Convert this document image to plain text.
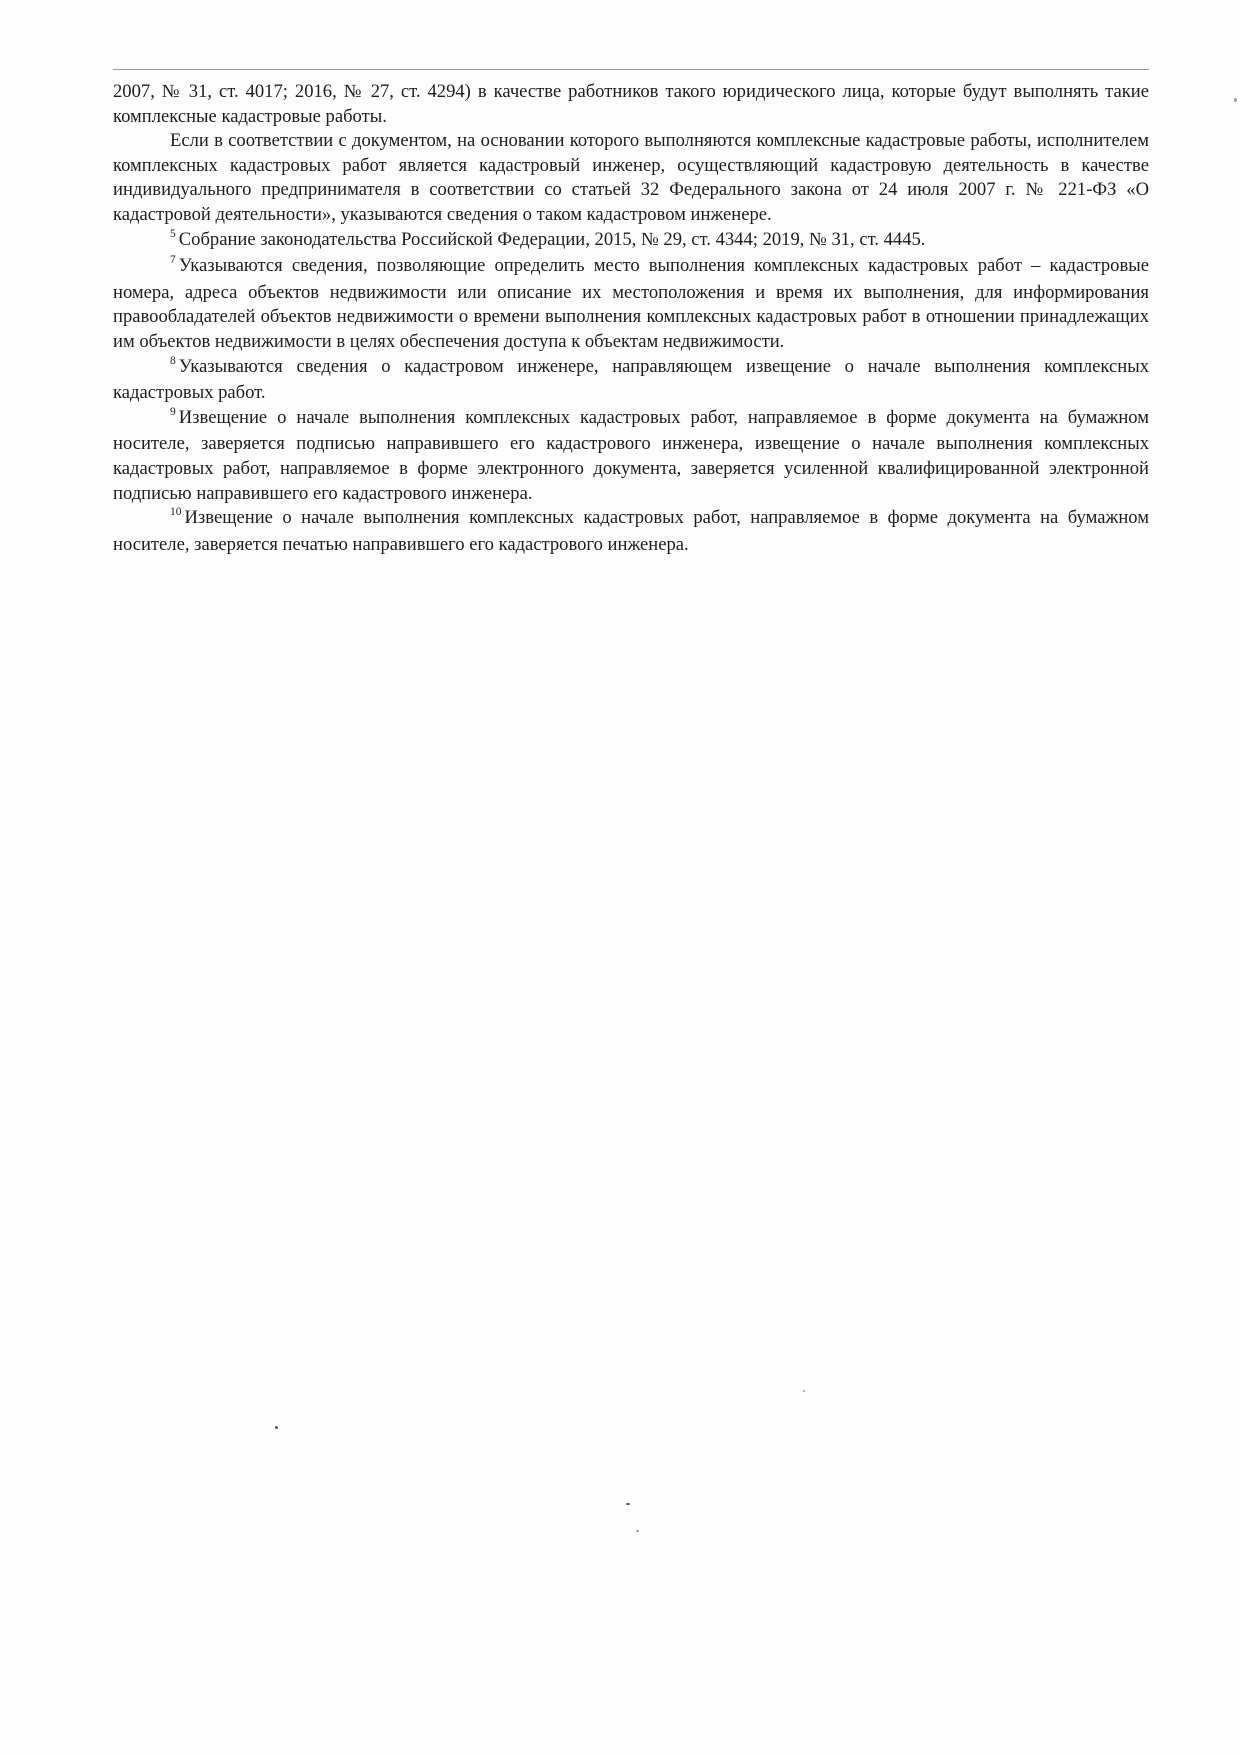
2007, № 31, ст. 4017; 2016, № 27, ст. 4294) в качестве работников такого юридического лица, которые будут выполнять такие комплексные кадастровые работы.

Если в соответствии с документом, на основании которого выполняются комплексные кадастровые работы, исполнителем комплексных кадастровых работ является кадастровый инженер, осуществляющий кадастровую деятельность в качестве индивидуального предпринимателя в соответствии со статьей 32 Федерального закона от 24 июля 2007 г. № 221-ФЗ «О кадастровой деятельности», указываются сведения о таком кадастровом инженере.

$^5$ Собрание законодательства Российской Федерации, 2015, № 29, ст. 4344; 2019, № 31, ст. 4445.

$^7$ Указываются сведения, позволяющие определить место выполнения комплексных кадастровых работ – кадастровые номера, адреса объектов недвижимости или описание их местоположения и время их выполнения, для информирования правообладателей объектов недвижимости о времени выполнения комплексных кадастровых работ в отношении принадлежащих им объектов недвижимости в целях обеспечения доступа к объектам недвижимости.

$^8$ Указываются сведения о кадастровом инженере, направляющем извещение о начале выполнения комплексных кадастровых работ.

$^9$ Извещение о начале выполнения комплексных кадастровых работ, направляемое в форме документа на бумажном носителе, заверяется подписью направившего его кадастрового инженера, извещение о начале выполнения комплексных кадастровых работ, направляемое в форме электронного документа, заверяется усиленной квалифицированной электронной подписью направившего его кадастрового инженера.

$^{10}$ Извещение о начале выполнения комплексных кадастровых работ, направляемое в форме документа на бумажном носителе, заверяется печатью направившего его кадастрового инженера.
